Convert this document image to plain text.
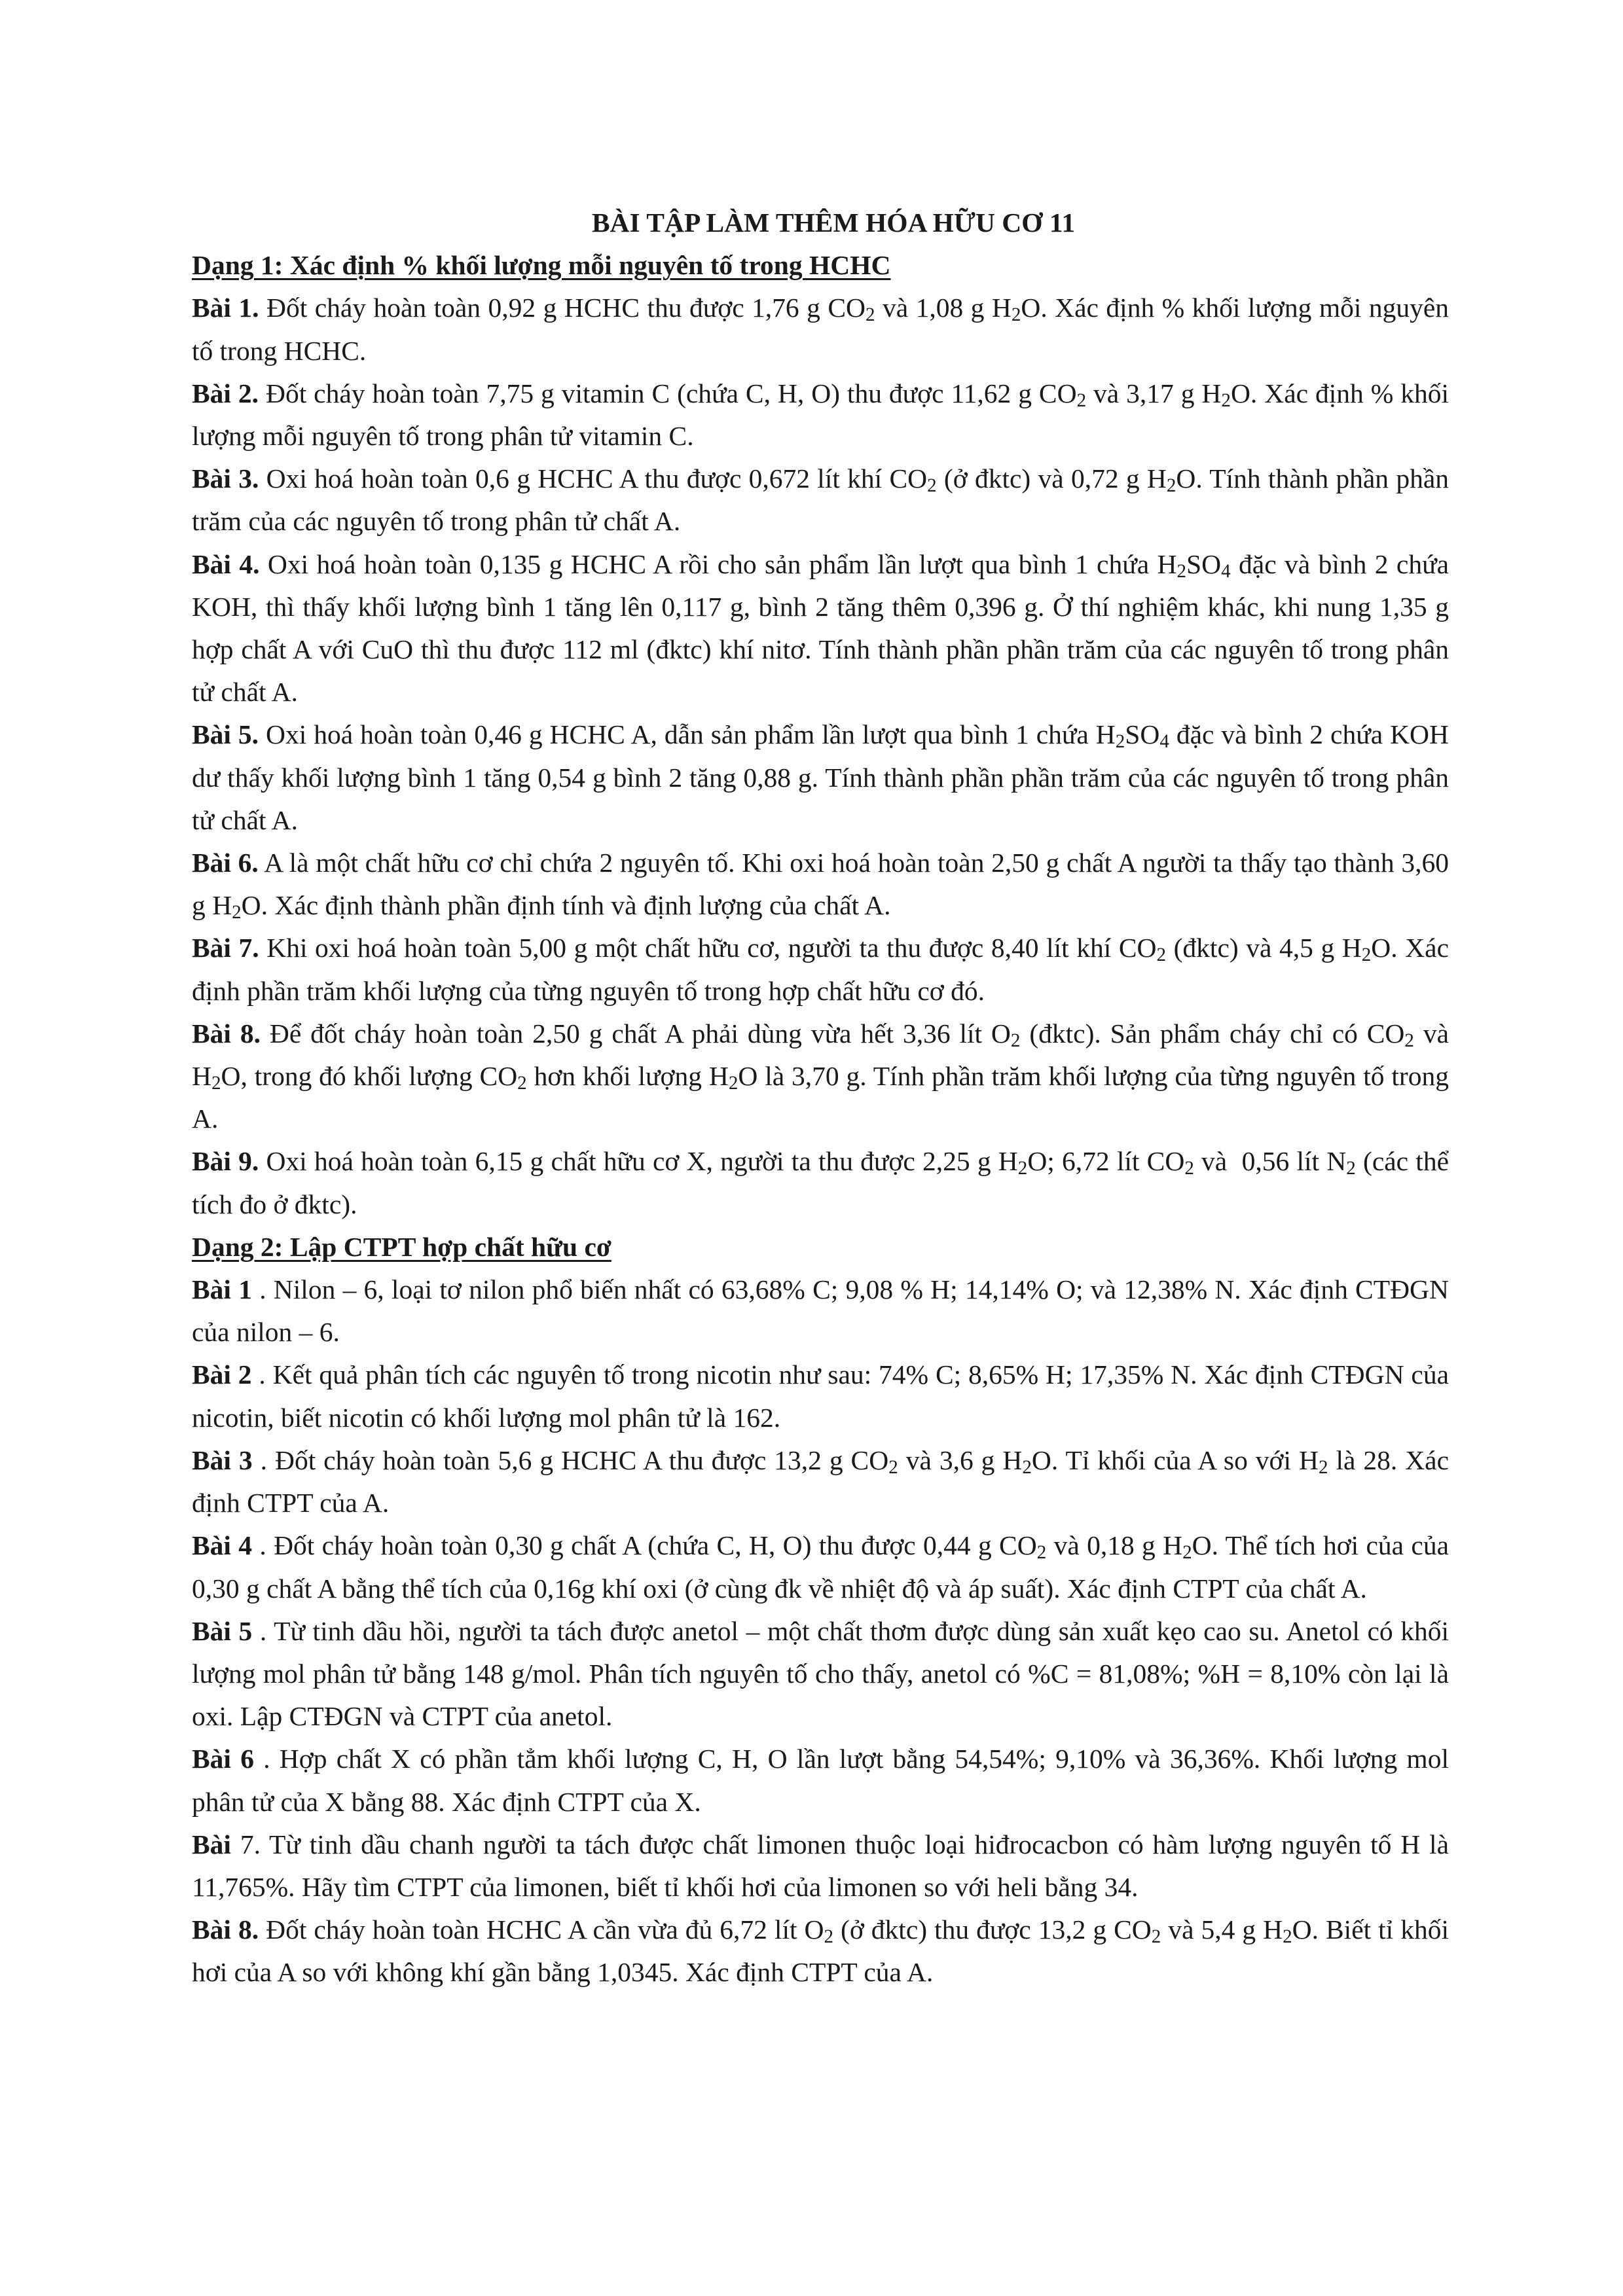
BÀI TẬP LÀM THÊM HÓA HỮU CƠ 11

Dạng 1: Xác định % khối lượng mỗi nguyên tố trong HCHC

Bài 1. Đốt cháy hoàn toàn 0,92 g HCHC thu được 1,76 g $CO_2$ và 1,08 g $H_2O$. Xác định % khối lượng mỗi nguyên tố trong HCHC.

Bài 2. Đốt cháy hoàn toàn 7,75 g vitamin C (chứa C, H, O) thu được 11,62 g $CO_2$ và 3,17 g $H_2O$. Xác định % khối lượng mỗi nguyên tố trong phân tử vitamin C.

Bài 3. Oxi hoá hoàn toàn 0,6 g HCHC A thu được 0,672 lít khí $CO_2$ (ở đktc) và 0,72 g $H_2O$. Tính thành phần phần trăm của các nguyên tố trong phân tử chất A.

Bài 4. Oxi hoá hoàn toàn 0,135 g HCHC A rồi cho sản phẩm lần lượt qua bình 1 chứa $H_2SO_4$ đặc và bình 2 chứa KOH, thì thấy khối lượng bình 1 tăng lên 0,117 g, bình 2 tăng thêm 0,396 g. Ở thí nghiệm khác, khi nung 1,35 g hợp chất A với CuO thì thu được 112 ml (đktc) khí nitơ. Tính thành phần phần trăm của các nguyên tố trong phân tử chất A.

Bài 5. Oxi hoá hoàn toàn 0,46 g HCHC A, dẫn sản phẩm lần lượt qua bình 1 chứa $H_2SO_4$ đặc và bình 2 chứa KOH dư thấy khối lượng bình 1 tăng 0,54 g bình 2 tăng 0,88 g. Tính thành phần phần trăm của các nguyên tố trong phân tử chất A.

Bài 6. A là một chất hữu cơ chỉ chứa 2 nguyên tố. Khi oxi hoá hoàn toàn 2,50 g chất A người ta thấy tạo thành 3,60 g $H_2O$. Xác định thành phần định tính và định lượng của chất A.

Bài 7. Khi oxi hoá hoàn toàn 5,00 g một chất hữu cơ, người ta thu được 8,40 lít khí $CO_2$ (đktc) và 4,5 g $H_2O$. Xác định phần trăm khối lượng của từng nguyên tố trong hợp chất hữu cơ đó.

Bài 8. Để đốt cháy hoàn toàn 2,50 g chất A phải dùng vừa hết 3,36 lít $O_2$ (đktc). Sản phẩm cháy chỉ có $CO_2$ và $H_2O$, trong đó khối lượng $CO_2$ hơn khối lượng $H_2O$ là 3,70 g. Tính phần trăm khối lượng của từng nguyên tố trong A.

Bài 9. Oxi hoá hoàn toàn 6,15 g chất hữu cơ X, người ta thu được 2,25 g $H_2O$; 6,72 lít $CO_2$ và  0,56 lít $N_2$ (các thể tích đo ở đktc).

Dạng 2: Lập CTPT hợp chất hữu cơ

Bài 1 . Nilon – 6, loại tơ nilon phổ biến nhất có 63,68% C; 9,08 % H; 14,14% O; và 12,38% N. Xác định CTĐGN của nilon – 6.

Bài 2 . Kết quả phân tích các nguyên tố trong nicotin như sau: 74% C; 8,65% H; 17,35% N. Xác định CTĐGN của nicotin, biết nicotin có khối lượng mol phân tử là 162.

Bài 3 . Đốt cháy hoàn toàn 5,6 g HCHC A thu được 13,2 g $CO_2$ và 3,6 g $H_2O$. Tỉ khối của A so với $H_2$ là 28. Xác định CTPT của A.

Bài 4 . Đốt cháy hoàn toàn 0,30 g chất A (chứa C, H, O) thu được 0,44 g $CO_2$ và 0,18 g $H_2O$. Thể tích hơi của của 0,30 g chất A bằng thể tích của 0,16g khí oxi (ở cùng đk về nhiệt độ và áp suất). Xác định CTPT của chất A.

Bài 5 . Từ tinh dầu hồi, người ta tách được anetol – một chất thơm được dùng sản xuất kẹo cao su. Anetol có khối lượng mol phân tử bằng 148 g/mol. Phân tích nguyên tố cho thấy, anetol có %C = 81,08%; %H = 8,10% còn lại là oxi. Lập CTĐGN và CTPT của anetol.

Bài 6 . Hợp chất X có phần tẳm khối lượng C, H, O lần lượt bằng 54,54%; 9,10% và 36,36%. Khối lượng mol phân tử của X bằng 88. Xác định CTPT của X.

Bài 7. Từ tinh dầu chanh người ta tách được chất limonen thuộc loại hiđrocacbon có hàm lượng nguyên tố H là 11,765%. Hãy tìm CTPT của limonen, biết tỉ khối hơi của limonen so với heli bằng 34.

Bài 8. Đốt cháy hoàn toàn HCHC A cần vừa đủ 6,72 lít $O_2$ (ở đktc) thu được 13,2 g $CO_2$ và 5,4 g $H_2O$. Biết tỉ khối hơi của A so với không khí gần bằng 1,0345. Xác định CTPT của A.
